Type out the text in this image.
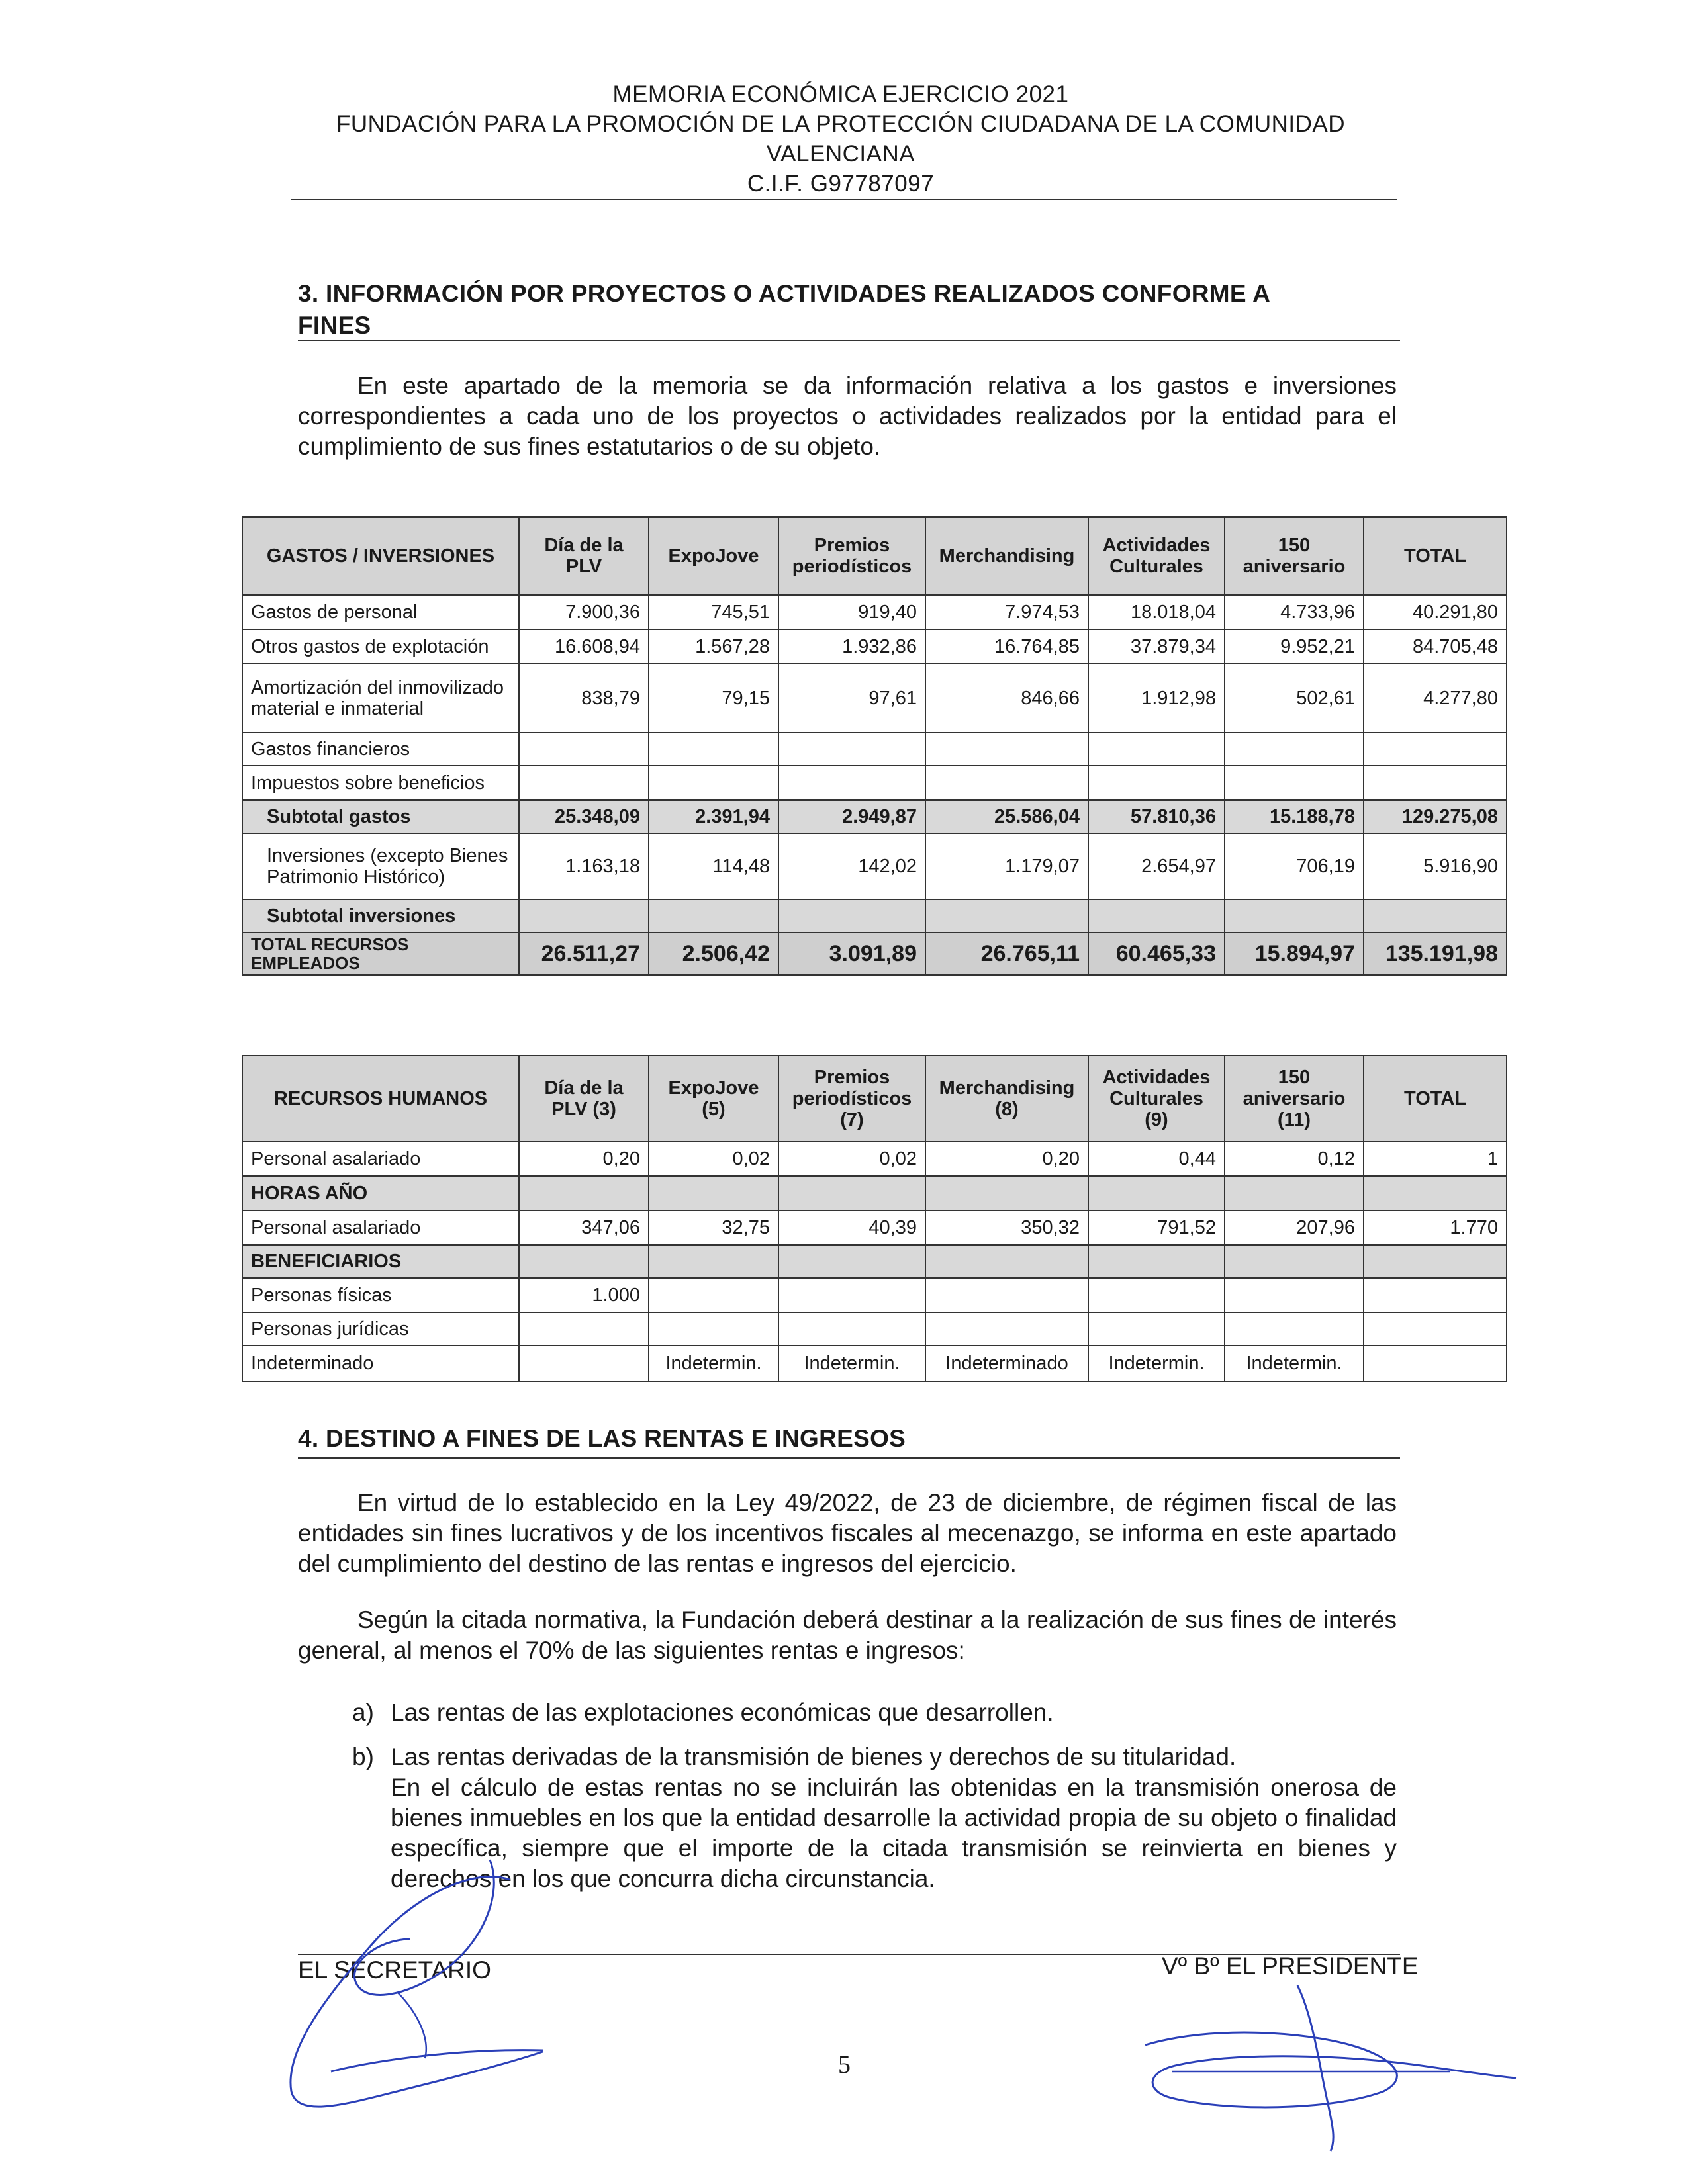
MEMORIA ECONÓMICA EJERCICIO 2021
FUNDACIÓN PARA LA PROMOCIÓN DE LA PROTECCIÓN CIUDADANA DE LA COMUNIDAD
VALENCIANA
C.I.F. G97787097
3. INFORMACIÓN POR PROYECTOS O ACTIVIDADES REALIZADOS CONFORME A
FINES
En este apartado de la memoria se da información relativa a los gastos e inversiones correspondientes a cada uno de los proyectos o actividades realizados por la entidad para el cumplimiento de sus fines estatutarios o de su objeto.
GASTOS / INVERSIONES	Día de la PLV	ExpoJove	Premios periodísticos	Merchandising	Actividades Culturales	150 aniversario	TOTAL
Gastos de personal	7.900,36	745,51	919,40	7.974,53	18.018,04	4.733,96	40.291,80
Otros gastos de explotación	16.608,94	1.567,28	1.932,86	16.764,85	37.879,34	9.952,21	84.705,48
Amortización del inmovilizado material e inmaterial	838,79	79,15	97,61	846,66	1.912,98	502,61	4.277,80
Gastos financieros							
Impuestos sobre beneficios							
Subtotal gastos	25.348,09	2.391,94	2.949,87	25.586,04	57.810,36	15.188,78	129.275,08
Inversiones (excepto Bienes Patrimonio Histórico)	1.163,18	114,48	142,02	1.179,07	2.654,97	706,19	5.916,90
Subtotal inversiones							
TOTAL RECURSOS EMPLEADOS	26.511,27	2.506,42	3.091,89	26.765,11	60.465,33	15.894,97	135.191,98
RECURSOS HUMANOS	Día de la PLV (3)	ExpoJove (5)	Premios periodísticos (7)	Merchandising (8)	Actividades Culturales (9)	150 aniversario (11)	TOTAL
Personal asalariado	0,20	0,02	0,02	0,20	0,44	0,12	1
HORAS AÑO							
Personal asalariado	347,06	32,75	40,39	350,32	791,52	207,96	1.770
BENEFICIARIOS							
Personas físicas	1.000						
Personas jurídicas							
Indeterminado		Indetermin.	Indetermin.	Indeterminado	Indetermin.	Indetermin.	
4. DESTINO A FINES DE LAS RENTAS E INGRESOS
En virtud de lo establecido en la Ley 49/2022, de 23 de diciembre, de régimen fiscal de las entidades sin fines lucrativos y de los incentivos fiscales al mecenazgo, se informa en este apartado del cumplimiento del destino de las rentas e ingresos del ejercicio.
Según la citada normativa, la Fundación deberá destinar a la realización de sus fines de interés general, al menos el 70% de las siguientes rentas e ingresos:
a) Las rentas de las explotaciones económicas que desarrollen.
b) Las rentas derivadas de la transmisión de bienes y derechos de su titularidad.
En el cálculo de estas rentas no se incluirán las obtenidas en la transmisión onerosa de bienes inmuebles en los que la entidad desarrolle la actividad propia de su objeto o finalidad específica, siempre que el importe de la citada transmisión se reinvierta en bienes y derechos en los que concurra dicha circunstancia.
EL SECRETARIO	Vº Bº EL PRESIDENTE
5
